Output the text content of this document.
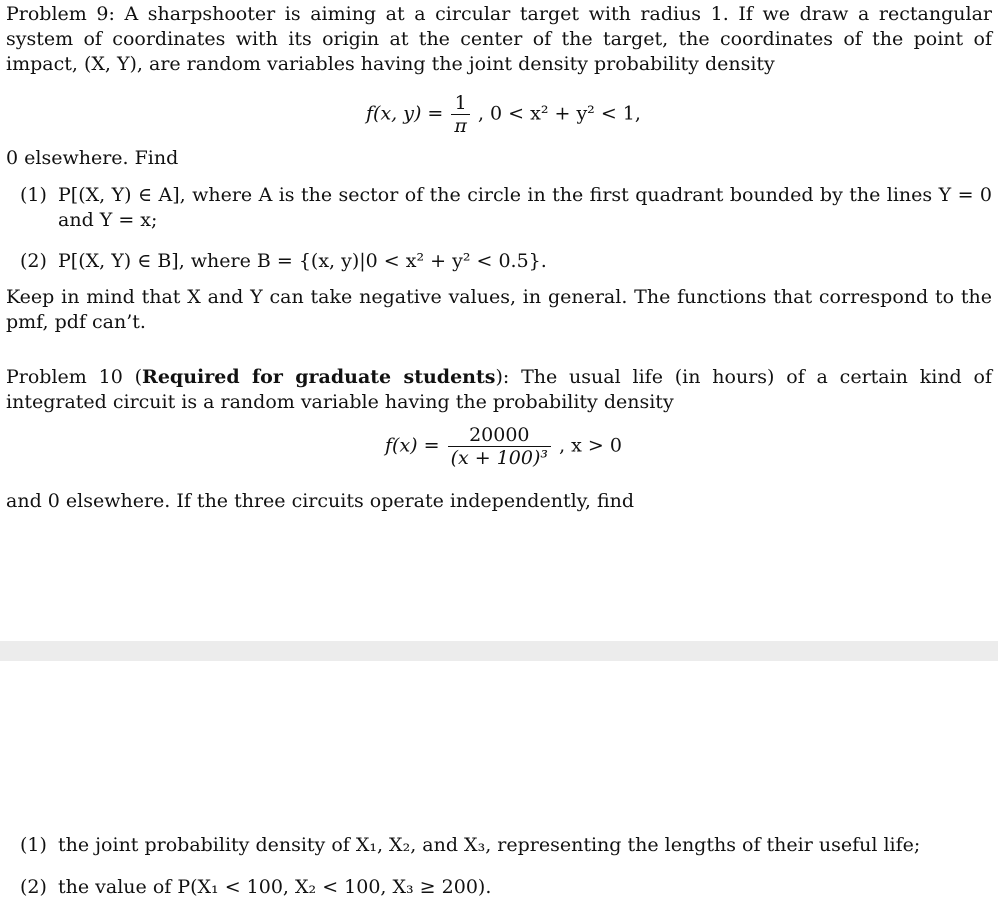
Problem 9: A sharpshooter is aiming at a circular target with radius 1. If we draw a rectangular system of coordinates with its origin at the center of the target, the coordinates of the point of impact, (X, Y), are random variables having the joint density probability density

f(x, $y) = \frac{1}{\pi}$ , 0 < x² + y² < 1,

0 elsewhere. Find

(1) P[(X, Y) ∈ A], where A is the sector of the circle in the first quadrant bounded by the lines Y = 0 and Y = x;
(2) P[(X, Y) ∈ B], where B = {(x, y)|0 < x² + y² < 0.5}.

Keep in mind that X and Y can take negative values, in general. The functions that correspond to the pmf, pdf can’t.

Problem 10 (Required for graduate students): The usual life (in hours) of a certain kind of integrated circuit is a random variable having the probability density

$f(x) = \frac{20000}{\text{(x + 100)³}}$ , x > 0

and 0 elsewhere. If the three circuits operate independently, find

(1) the joint probability density of X₁, X₂, and X₃, representing the lengths of their useful life;
(2) the value of P(X₁ < 100, X₂ < 100, X₃ ≥ 200).
